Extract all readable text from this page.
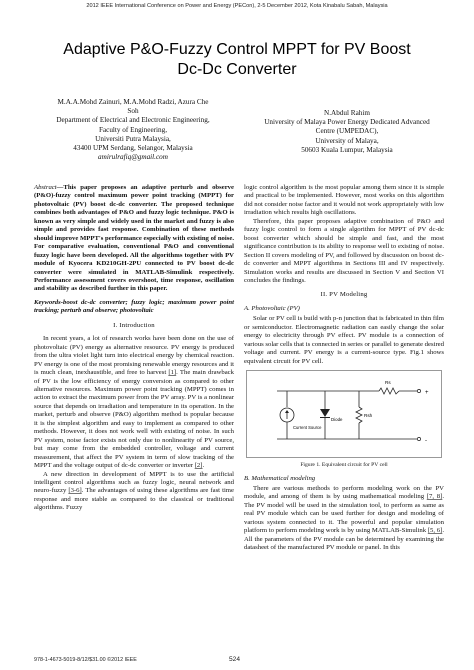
2012 IEEE International Conference on Power and Energy (PECon), 2-5 December 2012, Kota Kinabalu Sabah, Malaysia
Adaptive P&O-Fuzzy Control MPPT for PV Boost
Dc-Dc Converter
M.A.A.Mohd Zainuri, M.A.Mohd Radzi, Azura Che
Soh
Department of Electrical and Electronic Engineering,
Faculty of Engineering,
Universiti Putra Malaysia,
43400 UPM Serdang, Selangor, Malaysia
amirulrafiq@gmail.com
N.Abdul Rahim
University of Malaya Power Energy Dedicated Advanced
Centre (UMPEDAC),
University of Malaya,
50603 Kuala Lumpur, Malaysia

Abstract—This paper proposes an adaptive perturb and observe (P&O)-fuzzy control maximum power point tracking (MPPT) for photovoltaic (PV) boost dc-dc converter. The proposed technique combines both advantages of P&O and fuzzy logic technique. P&O is known as very simple and widely used in the market and fuzzy is also simple and provides fast response. Combination of these methods should improve MPPT's performance especially with existing of noise. For comparative evaluation, conventional P&O and conventional fuzzy logic have been developed. All the algorithms together with PV module of Kyocera KD210GH-2PU connected to PV boost dc-dc converter were simulated in MATLAB-Simulink respectively. Performance assessment covers overshoot, time response, oscillation and stability as described further in this paper.

Keywords-boost dc-dc converter; fuzzy logic; maximum power point tracking; perturb and observe; photovoltaic

I. Introduction

In recent years, a lot of research works have been done on the use of photovoltaic (PV) energy as alternative resource. PV energy is produced from the ultra violet light turn into electrical energy by chemical reaction. PV energy is one of the most promising renewable energy resources and it is much clean, inexhaustible, and free to harvest [1]. The main drawback of PV is the low efficiency of energy conversion as compared to other alternative resources. Maximum power point tracking (MPPT) comes in action to extract the maximum power from the PV array. PV is a nonlinear source that depends on irradiation and temperature in its operation. In the market, perturb and observe (P&O) algorithm method is popular because it is the simplest algorithm and easy to implement as compared to other methods. However, it does not work well with existing of noise. In such PV system, noise factor exists not only due to nonlinearity of PV source, but may come from the embedded controller, voltage and current measurement, that affect the PV system in term of slow tracking of the MPPT and the voltage output of dc-dc converter or inverter [2].

A new direction in development of MPPT is to use the artificial intelligent control algorithms such as fuzzy logic, neural network and neuro-fuzzy [3-6]. The advantages of using these algorithms are fast time response and more stable as compared to the classical or traditional algorithms. Fuzzy

logic control algorithm is the most popular among them since it is simple and practical to be implemented. However, most works on this algorithm did not consider noise factor and it would not work appropriately with low irradiation which results high oscillations.

Therefore, this paper proposes adaptive combination of P&O and fuzzy logic control to form a single algorithm for MPPT of PV dc-dc boost converter which should be simple and fast, and the most significance contribution is its ability to response well to existing of noise. Section II covers modeling of PV, and followed by discussion on boost dc-dc converter and MPPT algorithms in Sections III and IV respectively. Simulation works and results are discussed in Section V and Section VI concludes the findings.

II. PV Modeling
A. Photovoltaic (PV)

Solar or PV cell is build with p-n junction that is fabricated in thin film or semiconductor. Electromagnetic radiation can easily change the solar energy to electricity through PV effect. PV module is a connection of various solar cells that is connected in series or parallel to generate desired voltage and current. PV energy is a current-source type. Fig.1 shows equivalent circuit for PV cell.

Current Source
Diode
Rsh
Rs
+
-
Figure 1. Equivalent circuit for PV cell
B. Mathematical modeling

There are various methods to perform modeling work on the PV module, and among of them is by using mathematical modeling [7, 8]. The PV model will be used in the simulation tool, to perform as same as real PV module which can be used further for design and modeling of various system connected to it. The powerful and popular simulation platform to perform modeling work is by using MATLAB-Simulink [5, 6]. All the parameters of the PV module can be determined by examining the datasheet of the manufactured PV module or panel. In this

978-1-4673-5019-8/12/$31.00 ©2012 IEEE	524
